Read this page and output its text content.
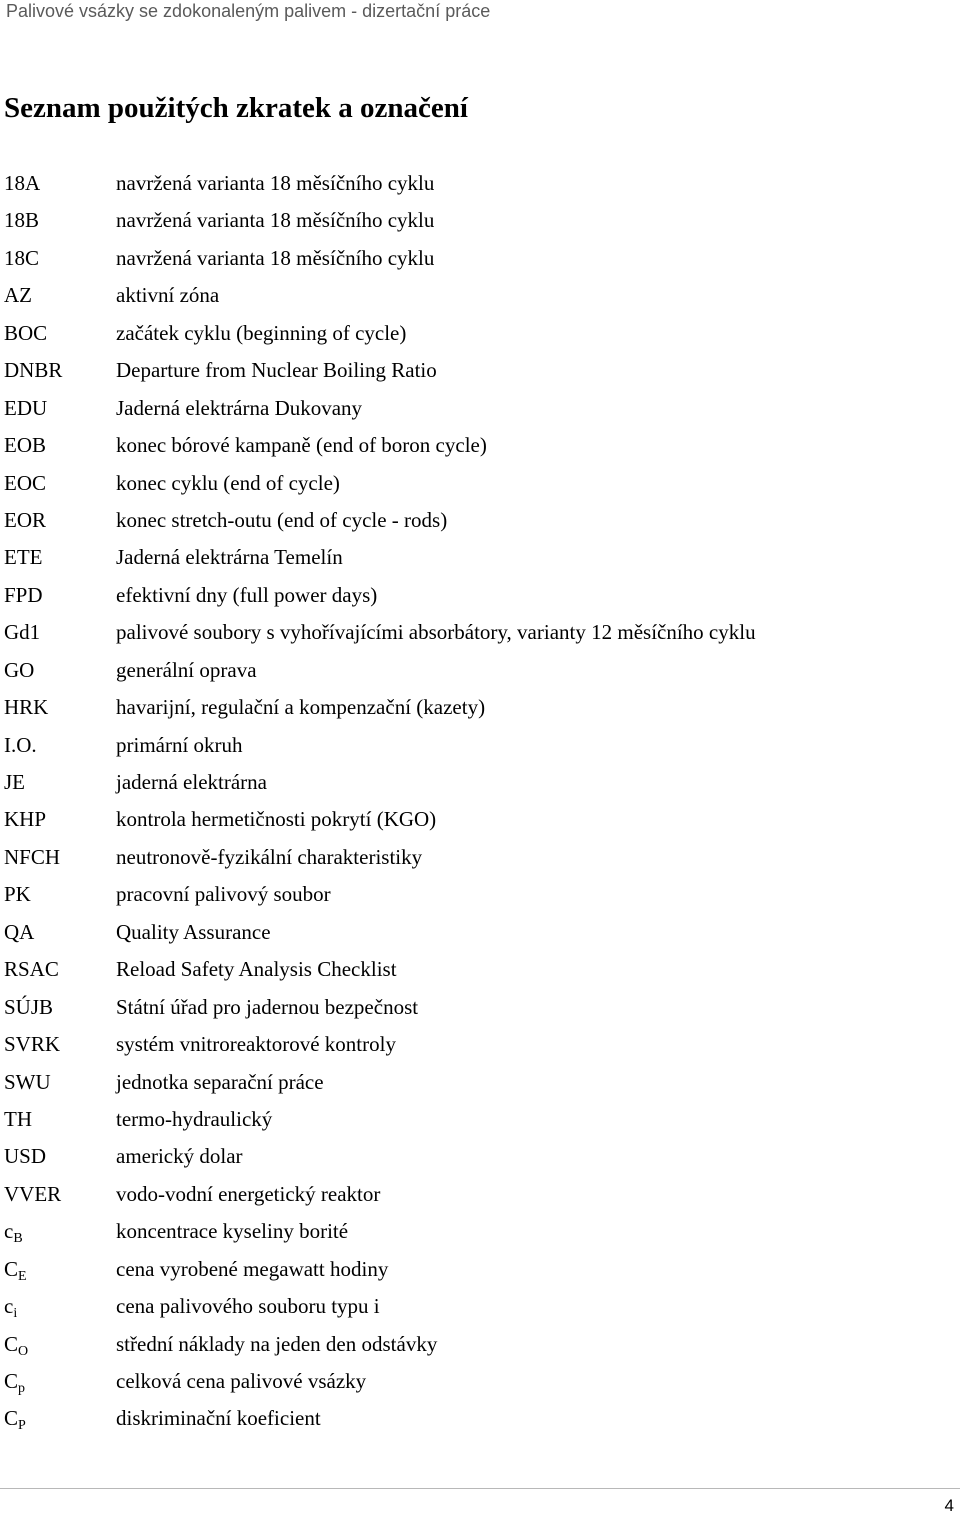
Palivové vsázky se zdokonaleným palivem - dizertační práce
Seznam použitých zkratek a označení
18A	navržená varianta 18 měsíčního cyklu
18B	navržená varianta 18 měsíčního cyklu
18C	navržená varianta 18 měsíčního cyklu
AZ	aktivní zóna
BOC	začátek cyklu (beginning of cycle)
DNBR	Departure from Nuclear Boiling Ratio
EDU	Jaderná elektrárna Dukovany
EOB	konec bórové kampaně (end of boron cycle)
EOC	konec cyklu (end of cycle)
EOR	konec stretch-outu (end of cycle - rods)
ETE	Jaderná elektrárna Temelín
FPD	efektivní dny (full power days)
Gd1	palivové soubory s vyhořívajícími absorbátory, varianty 12 měsíčního cyklu
GO	generální oprava
HRK	havarijní, regulační a kompenzační (kazety)
I.O.	primární okruh
JE	jaderná elektrárna
KHP	kontrola hermetičnosti pokrytí (KGO)
NFCH	neutronově-fyzikální charakteristiky
PK	pracovní palivový soubor
QA	Quality Assurance
RSAC	Reload Safety Analysis Checklist
SÚJB	Státní úřad pro jadernou bezpečnost
SVRK	systém vnitroreaktorové kontroly
SWU	jednotka separační práce
TH	termo-hydraulický
USD	americký dolar
VVER	vodo-vodní energetický reaktor
$c_B$	koncentrace kyseliny borité
$C_E$	cena vyrobené megawatt hodiny
$c_i$	cena palivového souboru typu i
$C_O$	střední náklady na jeden den odstávky
$C_p$	celková cena palivové vsázky
$C_P$	diskriminační koeficient
4
